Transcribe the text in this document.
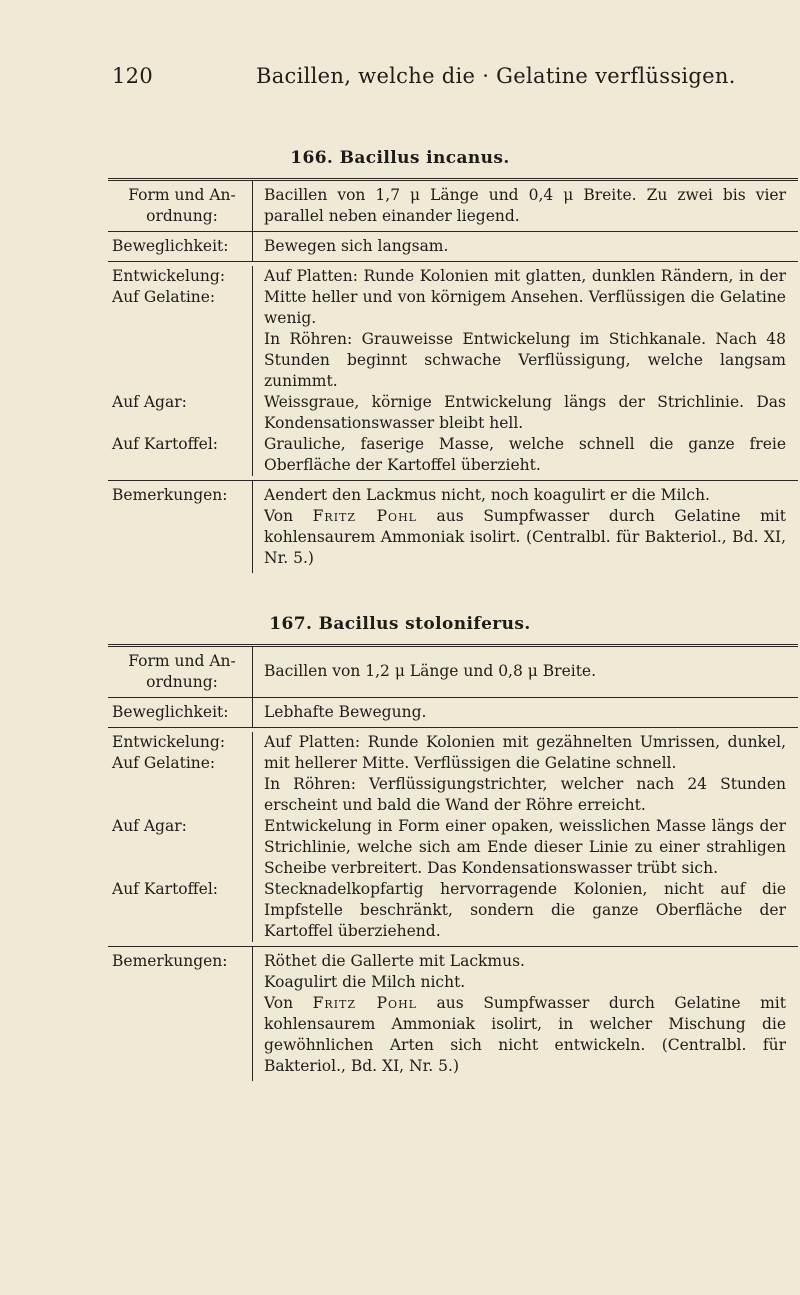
120	Bacillen, welche die · Gelatine verflüssigen.
166. Bacillus incanus.
Form und An-ordnung:
Bacillen von 1,7 μ Länge und 0,4 μ Breite. Zu zwei bis vier parallel neben einander liegend.
Beweglichkeit:	Bewegen sich langsam.
Entwickelung:
Auf Gelatine:
Auf Platten: Runde Kolonien mit glatten, dunklen Rändern, in der Mitte heller und von körnigem Ansehen. Verflüssigen die Gelatine wenig.
In Röhren: Grauweisse Entwickelung im Stichkanale. Nach 48 Stunden beginnt schwache Verflüssigung, welche langsam zunimmt.
Auf Agar:	Weissgraue, körnige Entwickelung längs der Strichlinie. Das Kondensationswasser bleibt hell.
Auf Kartoffel:	Grauliche, faserige Masse, welche schnell die ganze freie Oberfläche der Kartoffel überzieht.
Bemerkungen:	Aendert den Lackmus nicht, noch koagulirt er die Milch.
Von Fritz Pohl aus Sumpfwasser durch Gelatine mit kohlensaurem Ammoniak isolirt. (Centralbl. für Bakteriol., Bd. XI, Nr. 5.)
167. Bacillus stoloniferus.
Form und An-ordnung:
Bacillen von 1,2 μ Länge und 0,8 μ Breite.
Beweglichkeit:	Lebhafte Bewegung.
Entwickelung:
Auf Gelatine:
Auf Platten: Runde Kolonien mit gezähnelten Umrissen, dunkel, mit hellerer Mitte. Verflüssigen die Gelatine schnell.
In Röhren: Verflüssigungstrichter, welcher nach 24 Stunden erscheint und bald die Wand der Röhre erreicht.
Auf Agar:	Entwickelung in Form einer opaken, weisslichen Masse längs der Strichlinie, welche sich am Ende dieser Linie zu einer strahligen Scheibe verbreitert. Das Kondensationswasser trübt sich.
Auf Kartoffel:	Stecknadelkopfartig hervorragende Kolonien, nicht auf die Impfstelle beschränkt, sondern die ganze Oberfläche der Kartoffel überziehend.
Bemerkungen:	Röthet die Gallerte mit Lackmus.
Koagulirt die Milch nicht.
Von Fritz Pohl aus Sumpfwasser durch Gelatine mit kohlensaurem Ammoniak isolirt, in welcher Mischung die gewöhnlichen Arten sich nicht entwickeln. (Centralbl. für Bakteriol., Bd. XI, Nr. 5.)
